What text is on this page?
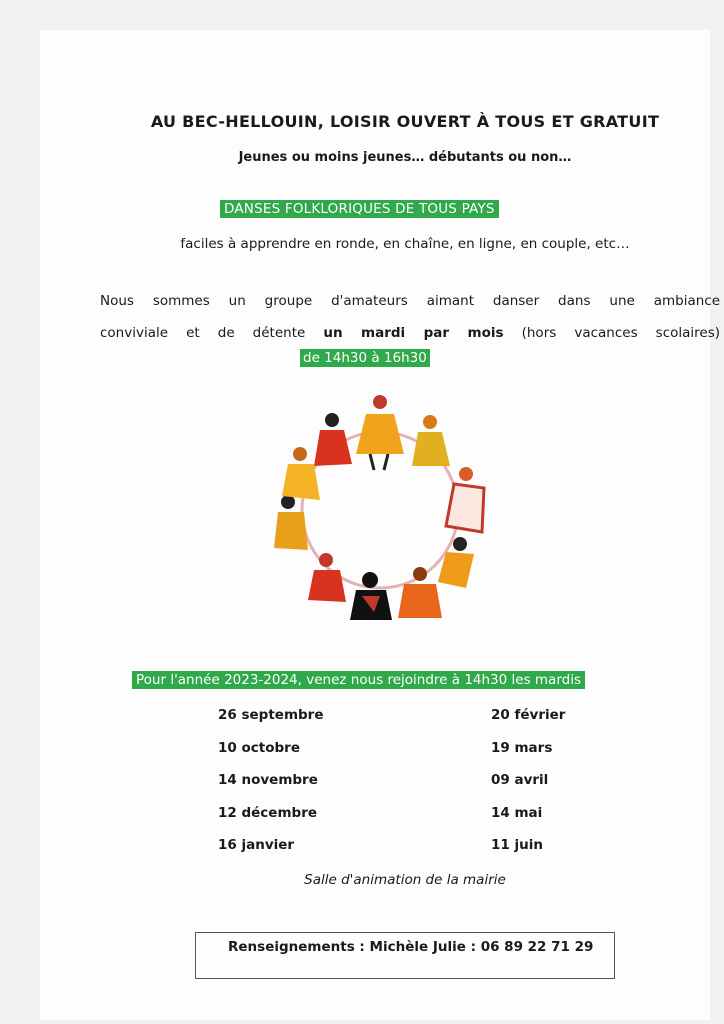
AU BEC-HELLOUIN, LOISIR OUVERT À TOUS ET GRATUIT
Jeunes ou moins jeunes… débutants ou non…
DANSES FOLKLORIQUES DE TOUS PAYS
faciles à apprendre en ronde, en chaîne, en ligne, en couple, etc…
Nous sommes un groupe d'amateurs aimant danser dans une ambiance
conviviale et de détente un mardi par mois (hors vacances scolaires)
de 14h30 à 16h30
Pour l'année 2023-2024, venez nous rejoindre à 14h30 les mardis
26 septembre
10 octobre
14 novembre
12 décembre
16 janvier
20 février
19 mars
09 avril
14 mai
11 juin
Salle d'animation de la mairie
Renseignements : Michèle Julie : 06 89 22 71 29
